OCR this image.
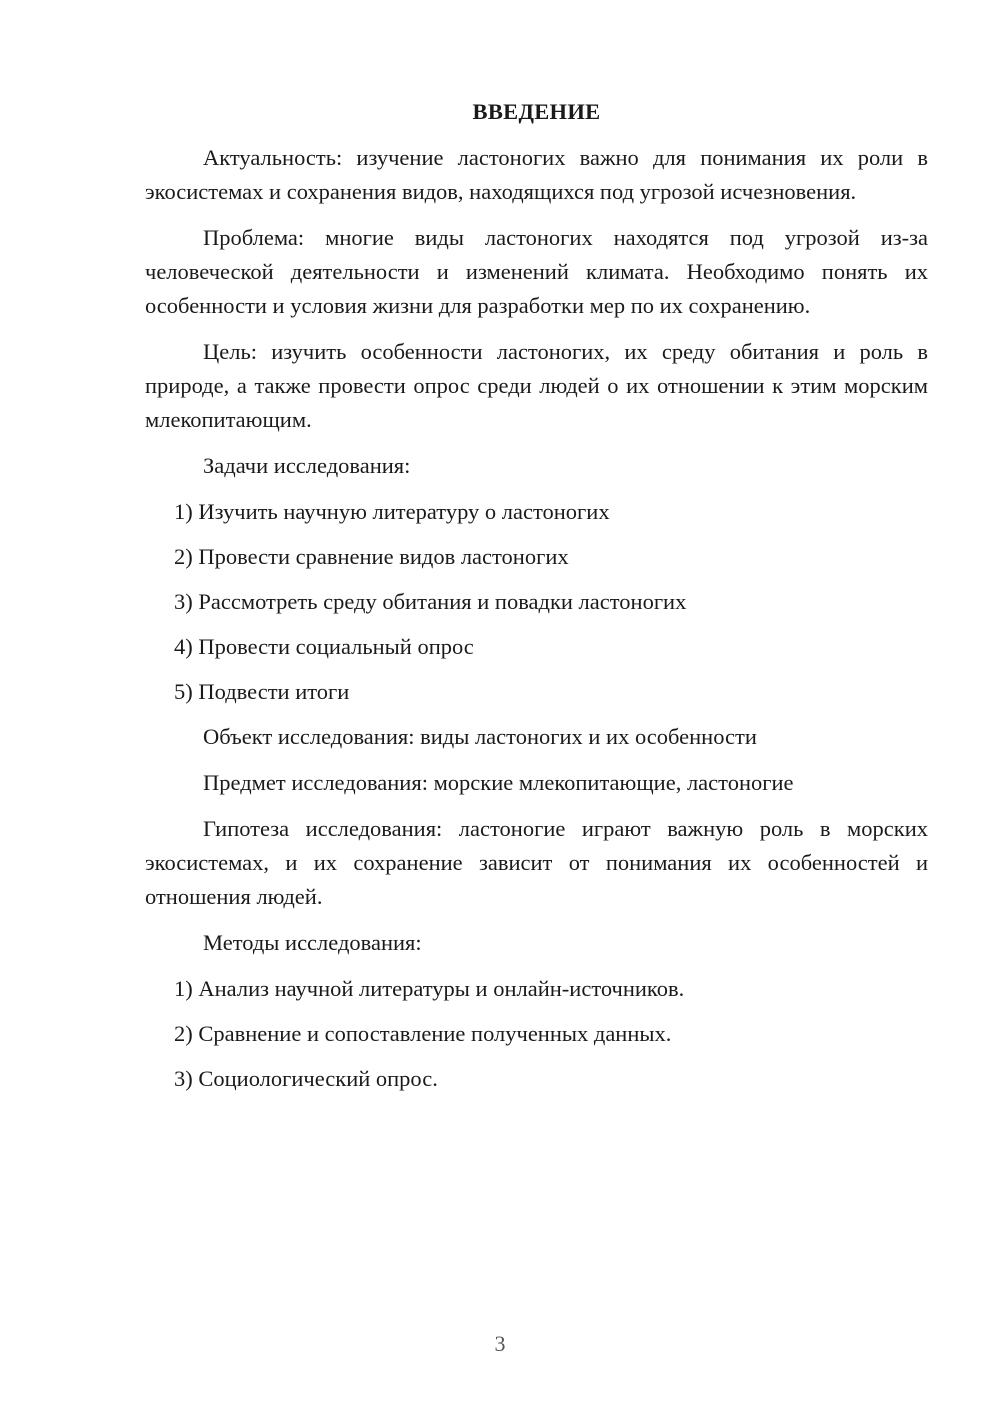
ВВЕДЕНИЕ

Актуальность: изучение ластоногих важно для понимания их роли в экосистемах и сохранения видов, находящихся под угрозой исчезновения.

Проблема: многие виды ластоногих находятся под угрозой из-за человеческой деятельности и изменений климата. Необходимо понять их особенности и условия жизни для разработки мер по их сохранению.

Цель: изучить особенности ластоногих, их среду обитания и роль в природе, а также провести опрос среди людей о их отношении к этим морским млекопитающим.

Задачи исследования:

1) Изучить научную литературу о ластоногих
2) Провести сравнение видов ластоногих
3) Рассмотреть среду обитания и повадки ластоногих
4) Провести социальный опрос
5) Подвести итоги

Объект исследования: виды ластоногих и их особенности

Предмет исследования: морские млекопитающие, ластоногие

Гипотеза исследования: ластоногие играют важную роль в морских экосистемах, и их сохранение зависит от понимания их особенностей и отношения людей.

Методы исследования:

1) Анализ научной литературы и онлайн-источников.
2) Сравнение и сопоставление полученных данных.
3) Социологический опрос.
3
